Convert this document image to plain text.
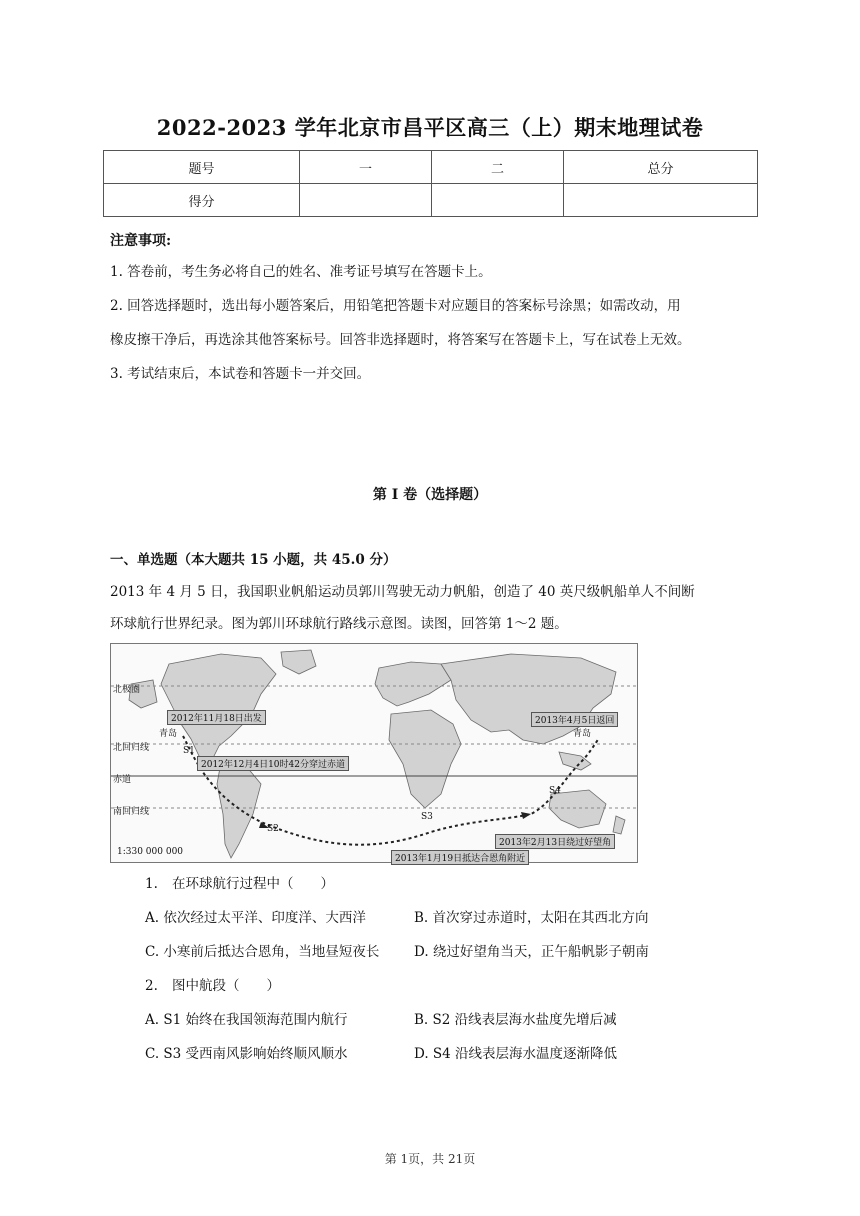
2022-2023 学年北京市昌平区高三（上）期末地理试卷
题号	一	二	总分
得分			
注意事项:
1. 答卷前，考生务必将自己的姓名、准考证号填写在答题卡上。
2. 回答选择题时，选出每小题答案后，用铅笔把答题卡对应题目的答案标号涂黑；如需改动，用
橡皮擦干净后，再选涂其他答案标号。回答非选择题时，将答案写在答题卡上，写在试卷上无效。
3. 考试结束后，本试卷和答题卡一并交回。
第 I 卷（选择题）
一、单选题（本大题共 15 小题，共 45.0 分）
2013 年 4 月 5 日，我国职业帆船运动员郭川驾驶无动力帆船，创造了 40 英尺级帆船单人不间断
环球航行世界纪录。图为郭川环球航行路线示意图。读图，回答第 1～2 题。
北极圈
北回归线
赤道
南回归线
2012年11月18日出发	2013年4月5日返回
2012年12月4日10时42分穿过赤道
2013年1月19日抵达合恩角附近
2013年2月13日绕过好望角
青岛	青岛
S1
S2
S3
S4
1:330 000 000
1. 在环球航行过程中（　　）
A. 依次经过太平洋、印度洋、大西洋	B. 首次穿过赤道时，太阳在其西北方向
C. 小寒前后抵达合恩角，当地昼短夜长	D. 绕过好望角当天，正午船帆影子朝南
2. 图中航段（　　）
A. S1 始终在我国领海范围内航行	B. S2 沿线表层海水盐度先增后减
C. S3 受西南风影响始终顺风顺水	D. S4 沿线表层海水温度逐渐降低
第 1页，共 21页
